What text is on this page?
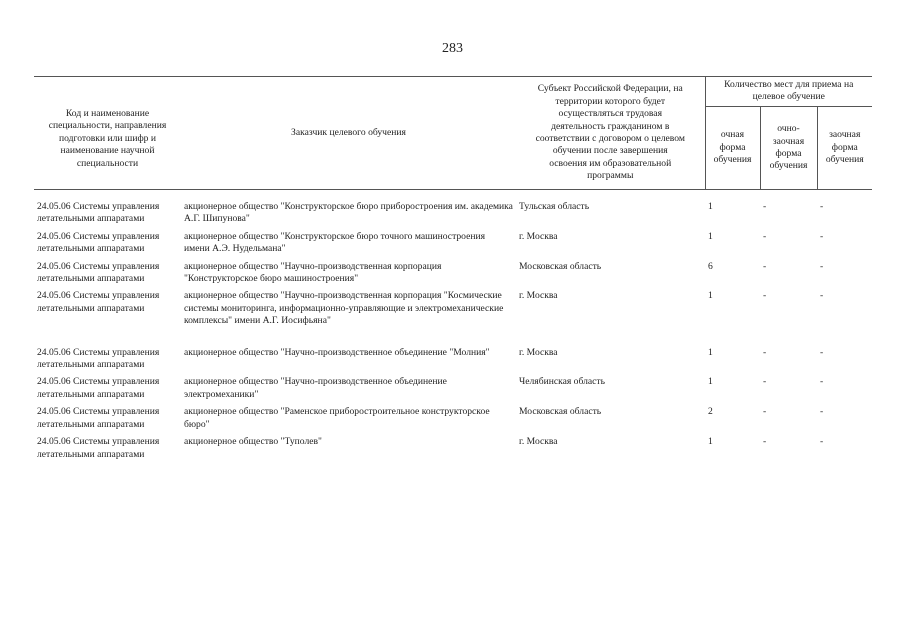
283
Код и наименование специальности, направления подготовки или шифр и наименование научной специальности	Заказчик целевого обучения	Субъект Российской Федерации, на территории которого будет осуществляться трудовая деятельность гражданином в соответствии с договором о целевом обучении после завершения освоения им образовательной программы	Количество мест для приема на целевое обучение		
			очная форма обучения	очно-заочная форма обучения	заочная форма обучения

24.05.06 Системы управления летательными аппаратами	акционерное общество "Конструкторское бюро приборостроения им. академика А.Г. Шипунова"	Тульская область	1	-	-
24.05.06 Системы управления летательными аппаратами	акционерное общество "Конструкторское бюро точного машиностроения имени А.Э. Нудельмана"	г. Москва	1	-	-
24.05.06 Системы управления летательными аппаратами	акционерное общество "Научно-производственная корпорация "Конструкторское бюро машиностроения"	Московская область	6	-	-
24.05.06 Системы управления летательными аппаратами	акционерное общество "Научно-производственная корпорация "Космические системы мониторинга, информационно-управляющие и электромеханические комплексы" имени А.Г. Иосифьяна"	г. Москва	1	-	-
24.05.06 Системы управления летательными аппаратами	акционерное общество "Научно-производственное объединение "Молния"	г. Москва	1	-	-
24.05.06 Системы управления летательными аппаратами	акционерное общество "Научно-производственное объединение электромеханики"	Челябинская область	1	-	-
24.05.06 Системы управления летательными аппаратами	акционерное общество "Раменское приборостроительное конструкторское бюро"	Московская область	2	-	-
24.05.06 Системы управления летательными аппаратами	акционерное общество "Туполев"	г. Москва	1	-	-
